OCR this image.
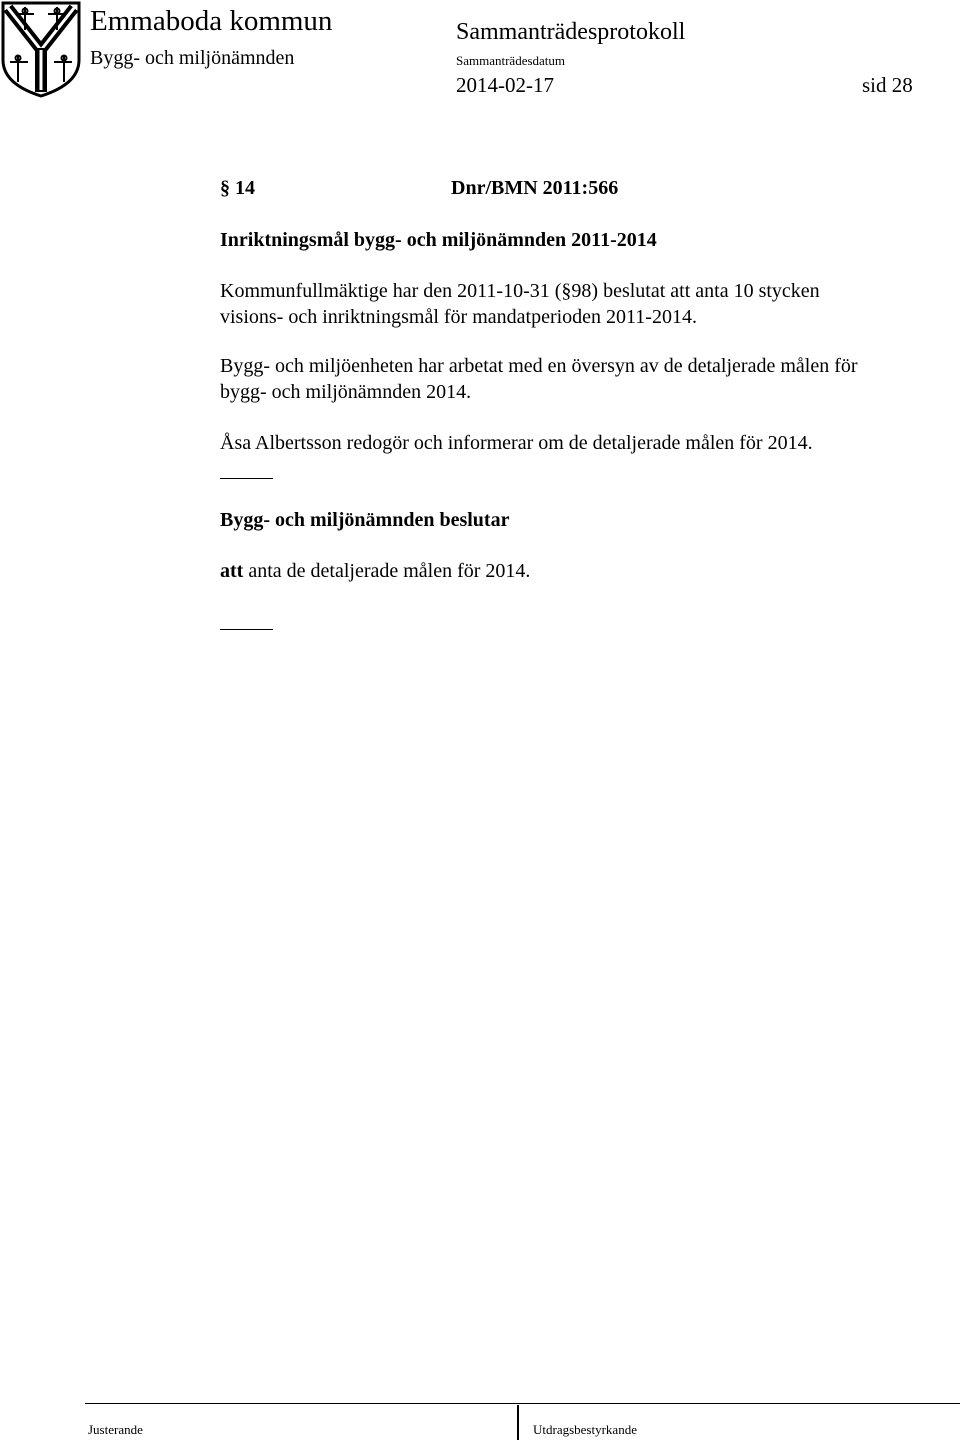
Emmaboda kommun
Bygg- och miljönämnden
Sammanträdesprotokoll
Sammanträdesdatum
2014-02-17	sid 28
§ 14	Dnr/BMN 2011:566
Inriktningsmål bygg- och miljönämnden 2011-2014
Kommunfullmäktige har den 2011-10-31 (§98) beslutat att anta 10 stycken
visions- och inriktningsmål för mandatperioden 2011-2014.
Bygg- och miljöenheten har arbetat med en översyn av de detaljerade målen för
bygg- och miljönämnden 2014.
Åsa Albertsson redogör och informerar om de detaljerade målen för 2014.
Bygg- och miljönämnden beslutar
att anta de detaljerade målen för 2014.
Justerande	Utdragsbestyrkande
